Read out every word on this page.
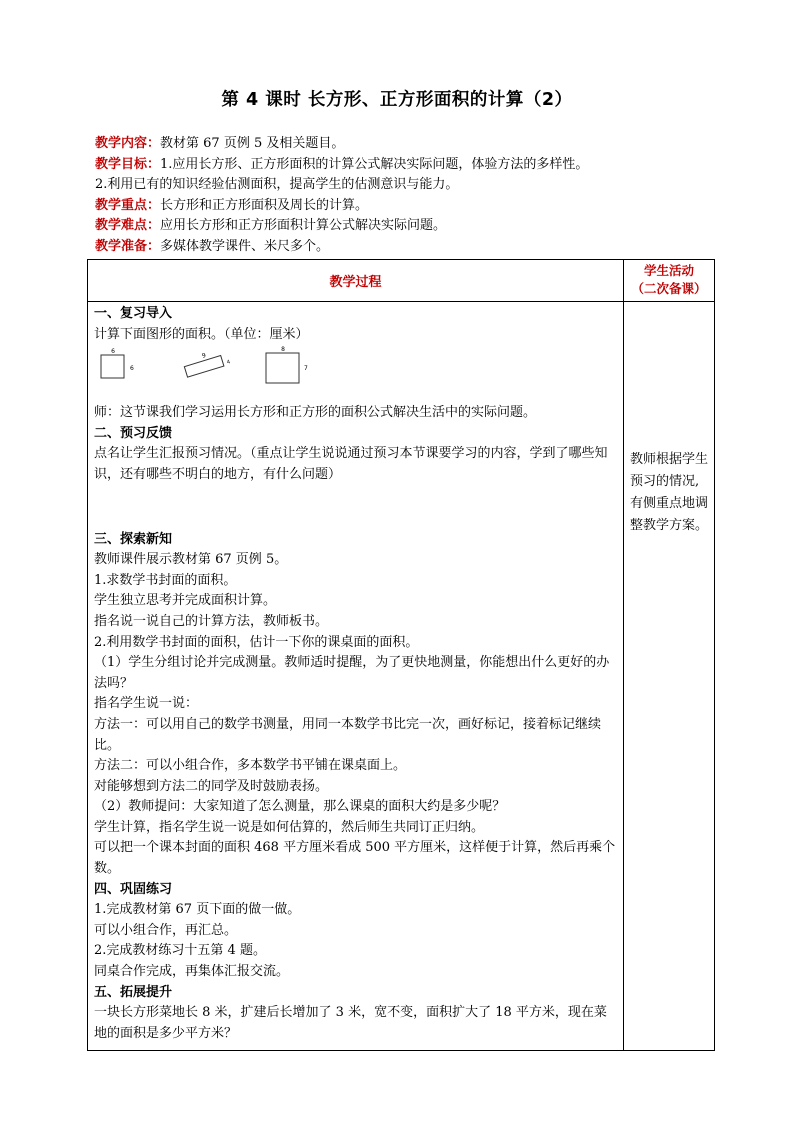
第 4 课时 长方形、正方形面积的计算（2）
教学内容：教材第 67 页例 5 及相关题目。
教学目标：1.应用长方形、正方形面积的计算公式解决实际问题，体验方法的多样性。
2.利用已有的知识经验估测面积，提高学生的估测意识与能力。
教学重点：长方形和正方形面积及周长的计算。
教学难点：应用长方形和正方形面积计算公式解决实际问题。
教学准备：多媒体教学课件、米尺多个。
教学过程
学生活动
（二次备课）

一、复习导入

计算下面图形的面积。（单位：厘米）

6
6
9
4
8
7

师：这节课我们学习运用长方形和正方形的面积公式解决生活中的实际问题。

二、预习反馈

点名让学生汇报预习情况。（重点让学生说说通过预习本节课要学习的内容，学到了哪些知识，还有哪些不明白的地方，有什么问题）

三、探索新知

教师课件展示教材第 67 页例 5。

1.求数学书封面的面积。

学生独立思考并完成面积计算。

指名说一说自己的计算方法，教师板书。

2.利用数学书封面的面积，估计一下你的课桌面的面积。

（1）学生分组讨论并完成测量。教师适时提醒，为了更快地测量，你能想出什么更好的办法吗？

指名学生说一说：

方法一：可以用自己的数学书测量，用同一本数学书比完一次，画好标记，接着标记继续比。

方法二：可以小组合作，多本数学书平铺在课桌面上。

对能够想到方法二的同学及时鼓励表扬。

（2）教师提问：大家知道了怎么测量，那么课桌的面积大约是多少呢？

学生计算，指名学生说一说是如何估算的，然后师生共同订正归纳。

可以把一个课本封面的面积 468 平方厘米看成 500 平方厘米，这样便于计算，然后再乘个数。

四、巩固练习

1.完成教材第 67 页下面的做一做。

可以小组合作，再汇总。

2.完成教材练习十五第 4 题。

同桌合作完成，再集体汇报交流。

五、拓展提升

一块长方形菜地长 8 米，扩建后长增加了 3 米，宽不变，面积扩大了 18 平方米，现在菜地的面积是多少平方米？

教师根据学生预习的情况,有侧重点地调整教学方案。
